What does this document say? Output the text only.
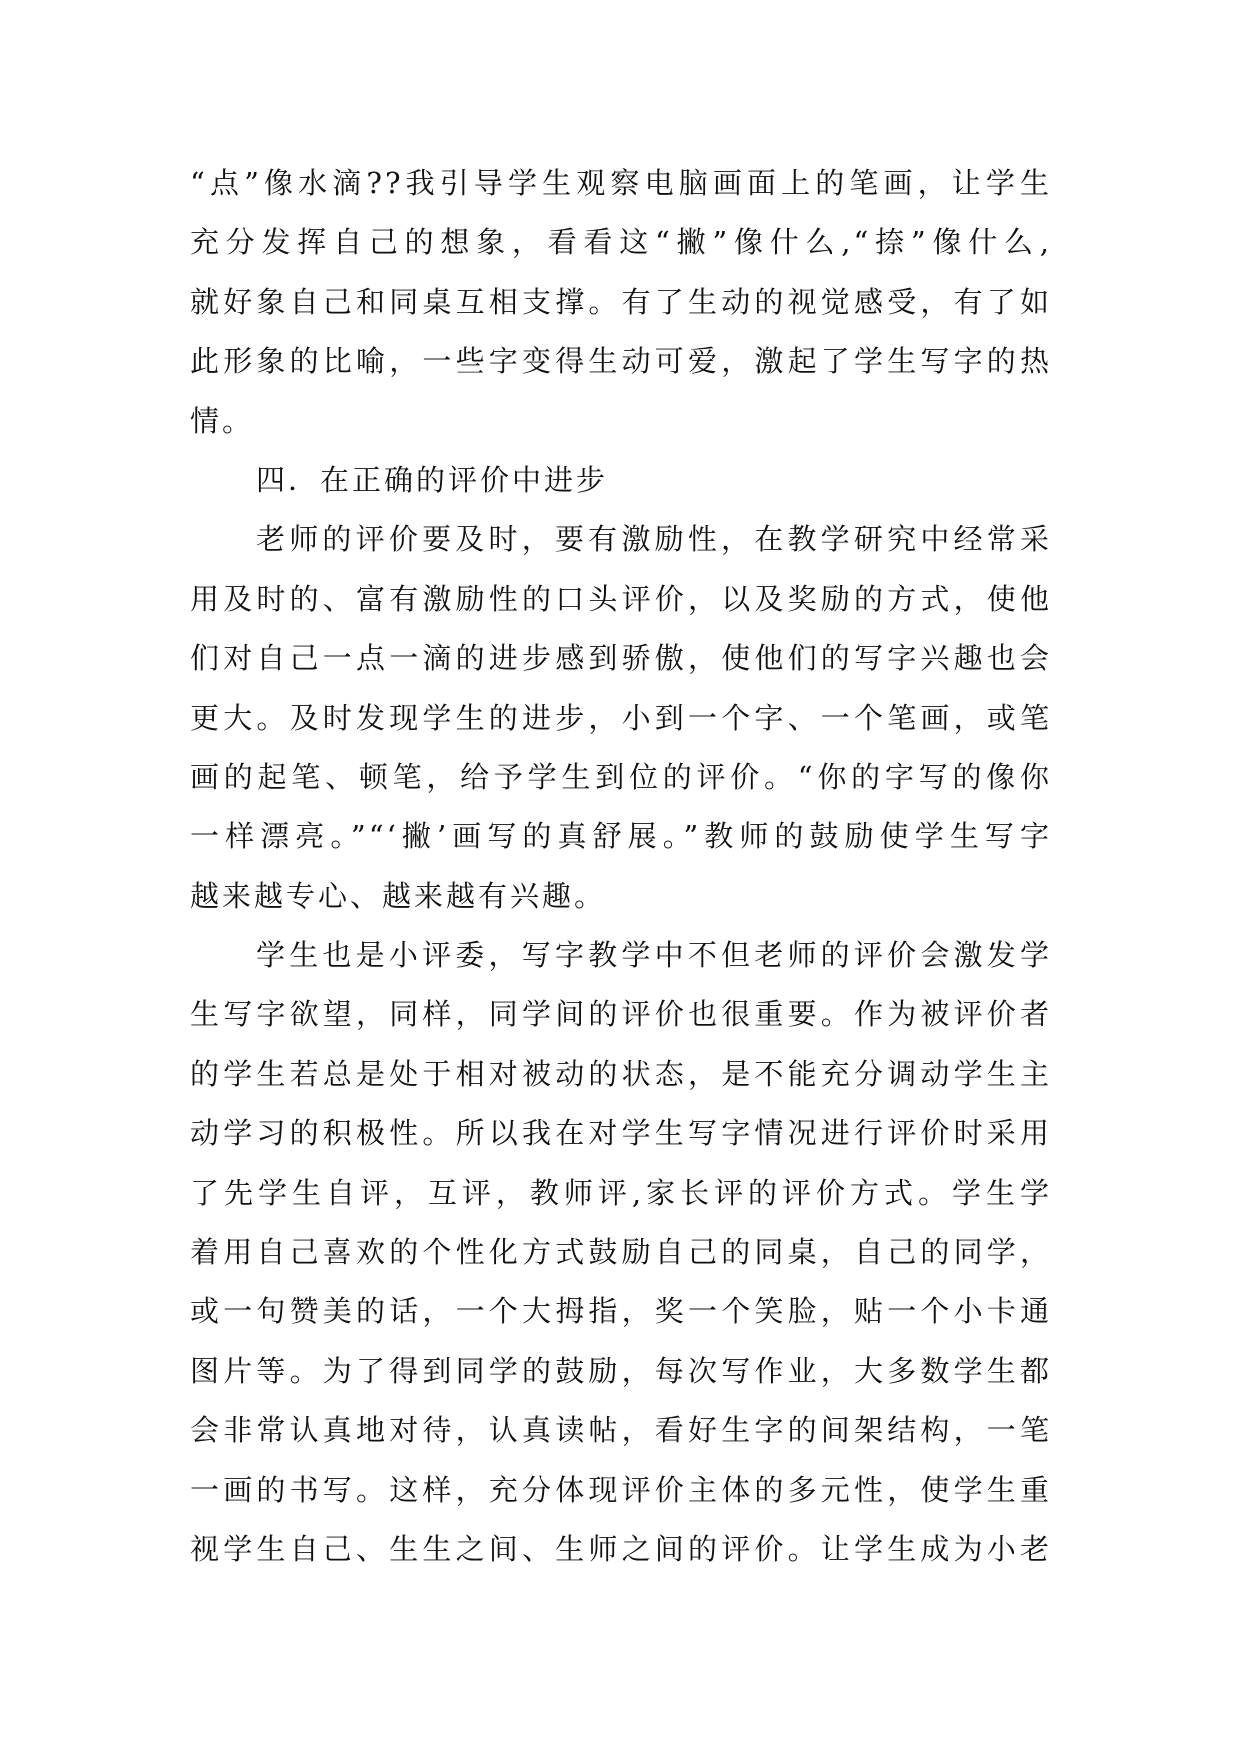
“点”像水滴??我引导学生观察电脑画面上的笔画，让学生
充分发挥自己的想象，看看这“撇”像什么,“捺”像什么,
就好象自己和同桌互相支撑。有了生动的视觉感受，有了如
此形象的比喻，一些字变得生动可爱，激起了学生写字的热
情。
四．在正确的评价中进步
老师的评价要及时，要有激励性，在教学研究中经常采
用及时的、富有激励性的口头评价，以及奖励的方式，使他
们对自己一点一滴的进步感到骄傲，使他们的写字兴趣也会
更大。及时发现学生的进步，小到一个字、一个笔画，或笔
画的起笔、顿笔，给予学生到位的评价。“你的字写的像你
一样漂亮。”“‘撇’画写的真舒展。”教师的鼓励使学生写字
越来越专心、越来越有兴趣。
学生也是小评委，写字教学中不但老师的评价会激发学
生写字欲望，同样，同学间的评价也很重要。作为被评价者
的学生若总是处于相对被动的状态，是不能充分调动学生主
动学习的积极性。所以我在对学生写字情况进行评价时采用
了先学生自评，互评，教师评,家长评的评价方式。学生学
着用自己喜欢的个性化方式鼓励自己的同桌，自己的同学，
或一句赞美的话，一个大拇指，奖一个笑脸，贴一个小卡通
图片等。为了得到同学的鼓励，每次写作业，大多数学生都
会非常认真地对待，认真读帖，看好生字的间架结构，一笔
一画的书写。这样，充分体现评价主体的多元性，使学生重
视学生自己、生生之间、生师之间的评价。让学生成为小老
